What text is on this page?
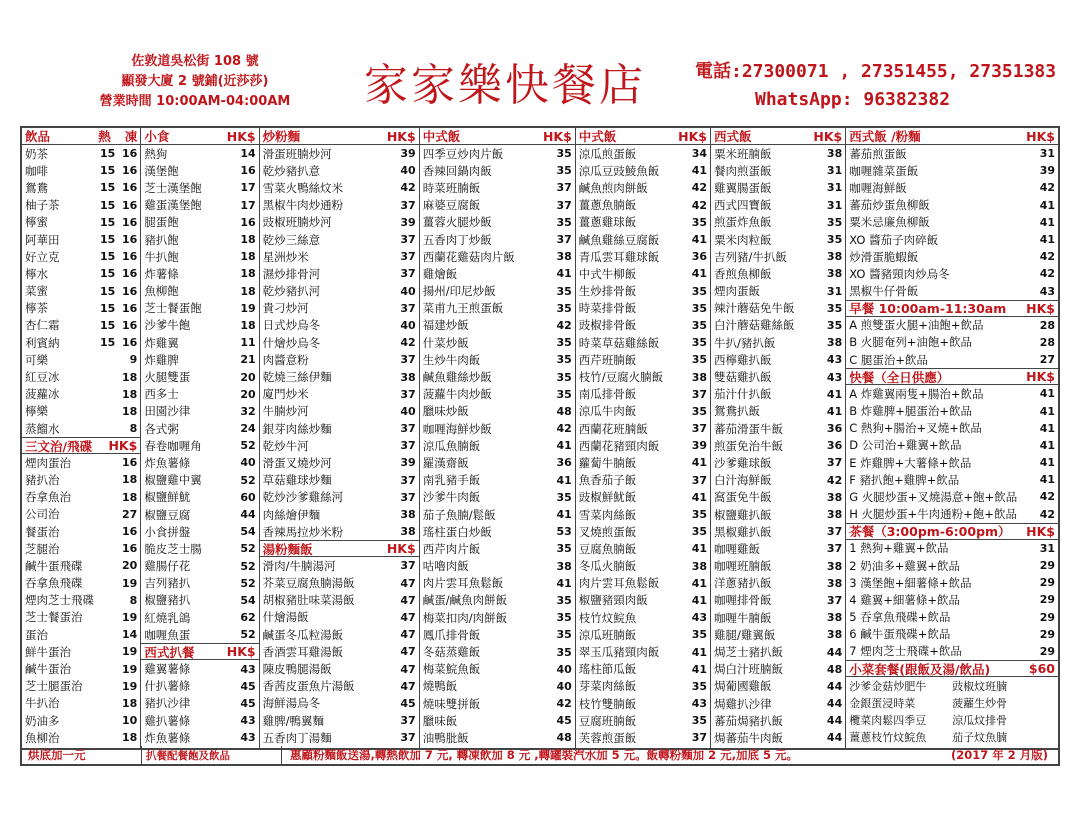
佐敦道吳松街 108 號
顯發大廈 2 號鋪(近莎莎)
營業時間 10:00AM-04:00AM	家家樂快餐店	電話:27300071 , 27351455, 27351383
WhatsApp: 96382382
飲品	熱 凍
奶茶	15 16
咖啡	15 16
鴛鴦	15 16
柚子茶	15 16
檸蜜	15 16
阿華田	15 16
好立克	15 16
檸水	15 16
菜蜜	15 16
檸茶	15 16
杏仁霜	15 16
利賓納	15 16
可樂	9
紅豆冰	18
菠蘿冰	18
檸樂	18
蒸餾水	8
三文治/飛碟 HK$
煙肉蛋治	16
豬扒治	18
吞拿魚治	18
公司治	27
餐蛋治	16
芝腿治	16
鹹牛蛋飛碟	20
吞拿魚飛碟	19
煙肉芝士飛碟	8
芝士餐蛋治	19
蛋治	14
鮮牛蛋治	19
鹹牛蛋治	19
芝士腿蛋治	19
牛扒治	18
奶油多	10
魚柳治	18
小食	HK$
熱狗	14
漢堡飽	16
芝士漢堡飽	17
雞蛋漢堡飽	17
腿蛋飽	16
豬扒飽	18
牛扒飽	18
炸薯條	18
魚柳飽	18
芝士餐蛋飽	19
沙爹牛飽	18
炸雞翼	11
炸雞脾	21
火腿雙蛋	20
西多士	20
田園沙律	32
各式粥	24
春卷咖喱角	52
炸魚薯條	40
椒鹽雞中翼	52
椒鹽鮮魷	60
椒鹽豆腐	44
小食拼盤	54
脆皮芝士腸	52
雞腸仔花	52
吉列豬扒	52
椒鹽豬扒	54
紅燒乳鴿	62
咖喱魚蛋	52
西式扒餐	HK$
雞翼薯條	43
什扒薯條	45
豬扒沙律	45
雞扒薯條	43
炸魚薯條	43
炒粉麵	HK$
滑蛋班腩炒河	39
乾炒豬扒意	40
雪菜火鴨絲炆米	42
黑椒牛肉炒通粉	37
豉椒班腩炒河	39
乾炒三絲意	37
星洲炒米	37
濕炒排骨河	37
乾炒豬扒河	40
貴刁炒河	37
日式炒烏冬	40
什燴炒烏冬	42
肉醬意粉	37
乾燒三絲伊麵	38
廈門炒米	37
牛腩炒河	40
銀芽肉絲炒麵	37
乾炒牛河	37
滑蛋叉燒炒河	39
草菇雞球炒麵	37
乾炒沙爹雞絲河	37
肉絲燴伊麵	38
香辣馬拉炒米粉	38
湯粉麵飯	HK$
滑肉/牛腩湯河	37
芥菜豆腐魚腩湯飯	47
胡椒豬肚味菜湯飯	47
什燴湯飯	47
鹹蛋冬瓜粒湯飯	47
香酒雲耳雞湯飯	47
陳皮鴨腿湯飯	47
香茜皮蛋魚片湯飯	47
海鮮湯烏冬	45
雞脾/鴨翼麵	37
五香肉丁湯麵	37
中式飯	HK$
四季豆炒肉片飯	35
香辣回鍋肉飯	35
時菜班腩飯	37
麻婆豆腐飯	37
薑蓉火腿炒飯	35
五香肉丁炒飯	37
西蘭花雞菇肉片飯	38
雞燴飯	41
揚州/印尼炒飯	35
菜甫九王煎蛋飯	35
福建炒飯	42
什菜炒飯	35
生炒牛肉飯	35
鹹魚雞絲炒飯	35
菠蘿牛肉炒飯	35
臘味炒飯	48
咖喱海鮮炒飯	42
涼瓜魚腩飯	41
羅漢齋飯	36
南乳豬手飯	41
沙爹牛肉飯	35
茄子魚腩/鬆飯	41
瑤柱蛋白炒飯	53
西芹肉片飯	35
咕嚕肉飯	38
肉片雲耳魚鬆飯	41
鹹蛋/鹹魚肉餅飯	35
梅菜扣肉/肉餅飯	35
鳳爪排骨飯	35
冬菇蒸雞飯	35
梅菜鯇魚飯	40
燒鴨飯	40
燒味雙拼飯	42
臘味飯	45
油鴨肶飯	48
中式飯	HK$
涼瓜煎蛋飯	34
涼瓜豆豉鯪魚飯	41
鹹魚煎肉餅飯	42
薑蔥魚腩飯	42
薑蔥雞球飯	35
鹹魚雞絲豆腐飯	41
青瓜雲耳雞球飯	36
中式牛柳飯	41
生炒排骨飯	35
時菜排骨飯	35
豉椒排骨飯	35
時菜草菇雞絲飯	35
西芹班腩飯	35
枝竹/豆腐火腩飯	38
南瓜排骨飯	37
涼瓜牛肉飯	35
西蘭花班腩飯	37
西蘭花豬頸肉飯	39
蘿蔔牛腩飯	41
魚香茄子飯	37
豉椒鮮魷飯	41
雪菜肉絲飯	35
叉燒煎蛋飯	35
豆腐魚腩飯	41
冬瓜火腩飯	38
肉片雲耳魚鬆飯	41
椒鹽豬頸肉飯	41
枝竹炆鯇魚	43
涼瓜班腩飯	35
翠玉瓜豬頸肉飯	41
瑤柱節瓜飯	41
芽菜肉絲飯	35
枝竹雙腩飯	43
豆腐班腩飯	35
芙蓉煎蛋飯	37
西式飯	HK$
粟米班腩飯	38
餐肉煎蛋飯	31
雞翼腸蛋飯	31
西式四寶飯	31
煎蛋炸魚飯	35
粟米肉粒飯	35
吉列豬/牛扒飯	38
香煎魚柳飯	38
煙肉蛋飯	31
辣汁蘑菇免牛飯	35
白汁蘑菇雞絲飯	35
牛扒/豬扒飯	38
西檸雞扒飯	43
雙菇雞扒飯	43
茄汁什扒飯	41
鴛鴦扒飯	41
蕃茄滑蛋牛飯	36
煎蛋免治牛飯	36
沙爹雞球飯	37
白汁海鮮飯	42
窩蛋免牛飯	38
椒鹽雞扒飯	38
黑椒雞扒飯	37
咖喱雞飯	37
咖喱班腩飯	38
洋蔥豬扒飯	38
咖喱排骨飯	37
咖喱牛腩飯	38
雞腿/雞翼飯	38
焗芝士豬扒飯	44
焗白汁班腩飯	48
焗葡國雞飯	44
焗雞扒沙律	44
蕃茄焗豬扒飯	44
焗蕃茄牛肉飯	44
西式飯 /粉麵	HK$
蕃茄煎蛋飯	31
咖喱雜菜蛋飯	39
咖喱海鮮飯	42
蕃茄炒蛋魚柳飯	41
粟米忌廉魚柳飯	41
XO 醬茄子肉碎飯	41
炒滑蛋脆蝦飯	42
XO 醬豬頸肉炒烏冬	42
黑椒牛仔骨飯	43
早餐 10:00am-11:30am HK$
A 煎雙蛋火腿+油飽+飲品	28
B 火腿奄列+油飽+飲品	28
C 腿蛋治+飲品	27
快餐（全日供應）	HK$
A 炸雞翼兩隻+腸治+飲品	41
B 炸雞脾+腿蛋治+飲品	41
C 熱狗+腸治+叉燒+飲品	41
D 公司治+雞翼+飲品	41
E 炸雞脾+大薯條+飲品	41
F 豬扒飽+雞脾+飲品	41
G 火腿炒蛋+叉燒湯意+飽+飲品	42
H 火腿炒蛋+牛肉通粉+飽+飲品	42
茶餐（3:00pm-6:00pm） HK$
1 熱狗+雞翼+飲品	31
2 奶油多+雞翼+飲品	29
3 漢堡飽+細薯條+飲品	29
4 雞翼+細薯條+飲品	29
5 吞拿魚飛碟+飲品	29
6 鹹牛蛋飛碟+飲品	29
7 煙肉芝士飛碟+飲品	29
小菜套餐(跟飯及湯/飲品)	$60
沙爹金菇炒肥牛	豉椒炆班腩
金銀蛋浸時菜	菠蘿生炒骨
欖菜肉鬆四季豆	涼瓜炆排骨
薑蔥枝竹炆鯇魚	茄子炆魚腩
烘底加一元	扒餐配餐飽及飲品	惠顧粉麵飯送湯,轉熱飲加 7 元, 轉凍飲加 8 元 ,轉罐裝汽水加 5 元。飯轉粉麵加 2 元,加底 5 元。	(2017 年 2 月版)
